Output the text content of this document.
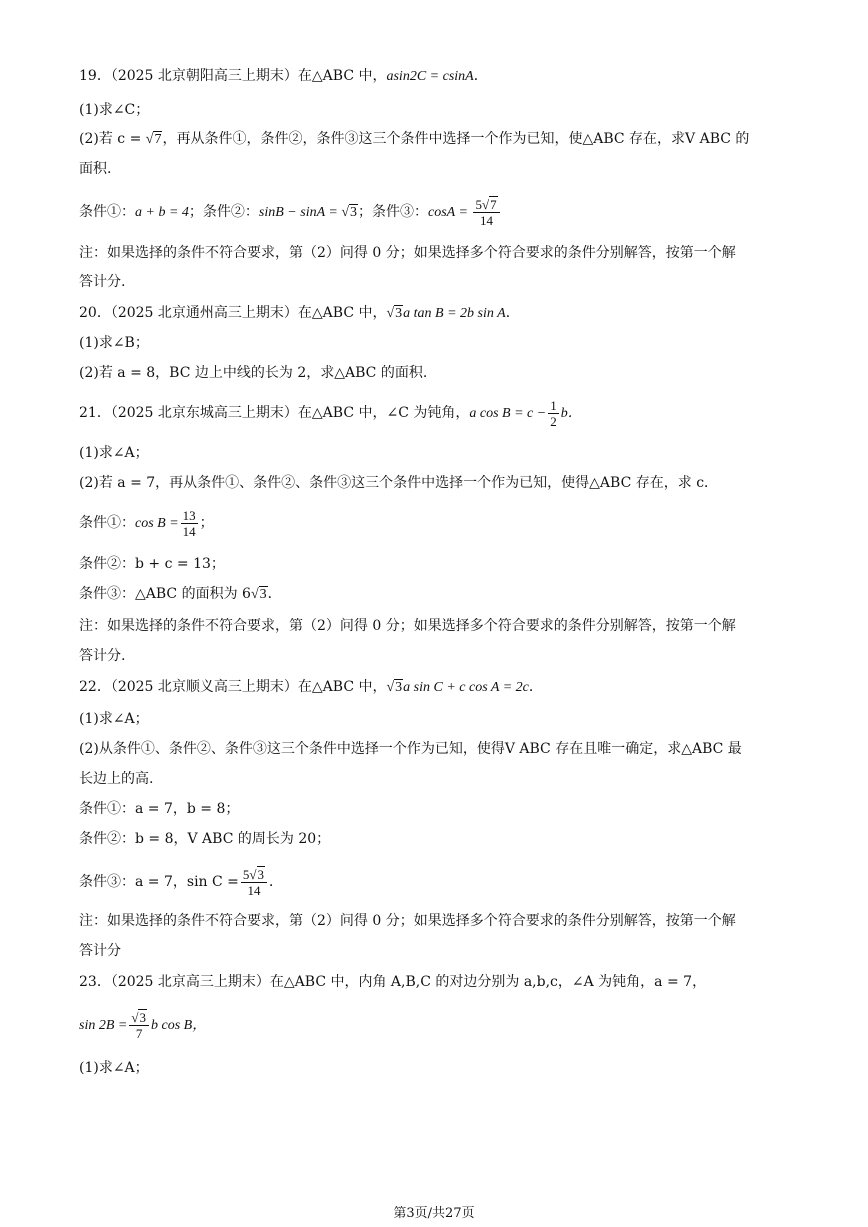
19．（2025 北京朝阳高三上期末）在△ABC 中，asin2C = csinA．
(1)求∠C；
(2)若 c = √7，再从条件①，条件②，条件③这三个条件中选择一个作为已知，使△ABC 存在，求V ABC 的
面积.
条件①：a + b = 4；条件②：sinB − sinA = √3；条件③：$\cos A = \frac{5√7}{14}$
注：如果选择的条件不符合要求，第（2）问得 0 分；如果选择多个符合要求的条件分别解答，按第一个解
答计分.
20．（2025 北京通州高三上期末）在△ABC 中，√3a tan B = 2b sin A．
(1)求∠B；
(2)若 a = 8，BC 边上中线的长为 2，求△ABC 的面积.
21．（2025 北京东城高三上期末）在△ABC 中，∠C 为钝角，a $\cos B = c - \frac{1}{2}$ b．
(1)求∠A；
(2)若 a = 7，再从条件①、条件②、条件③这三个条件中选择一个作为已知，使得△ABC 存在，求 c．
条件①：$\cos B = \frac{13}{14}$ ；
条件②：b + c = 13；
条件③：△ABC 的面积为 6√3．
注：如果选择的条件不符合要求，第（2）问得 0 分；如果选择多个符合要求的条件分别解答，按第一个解
答计分.
22．（2025 北京顺义高三上期末）在△ABC 中，√3a sin C + c cos A = 2c．
(1)求∠A；
(2)从条件①、条件②、条件③这三个条件中选择一个作为已知，使得V ABC 存在且唯一确定，求△ABC 最
长边上的高.
条件①：a = 7，b = 8；
条件②：b = 8，V ABC 的周长为 20；
条件③：a = 7，$\sin C = \frac{5√3}{14}$ ．
注：如果选择的条件不符合要求，第（2）问得 0 分；如果选择多个符合要求的条件分别解答，按第一个解
答计分
23．（2025 北京高三上期末）在△ABC 中，内角 A,B,C 的对边分别为 a,b,c，∠A 为钝角，a = 7，
$\sin 2B = \frac{√3}{7}$ b cos B，
(1)求∠A；
第3页/共27页
